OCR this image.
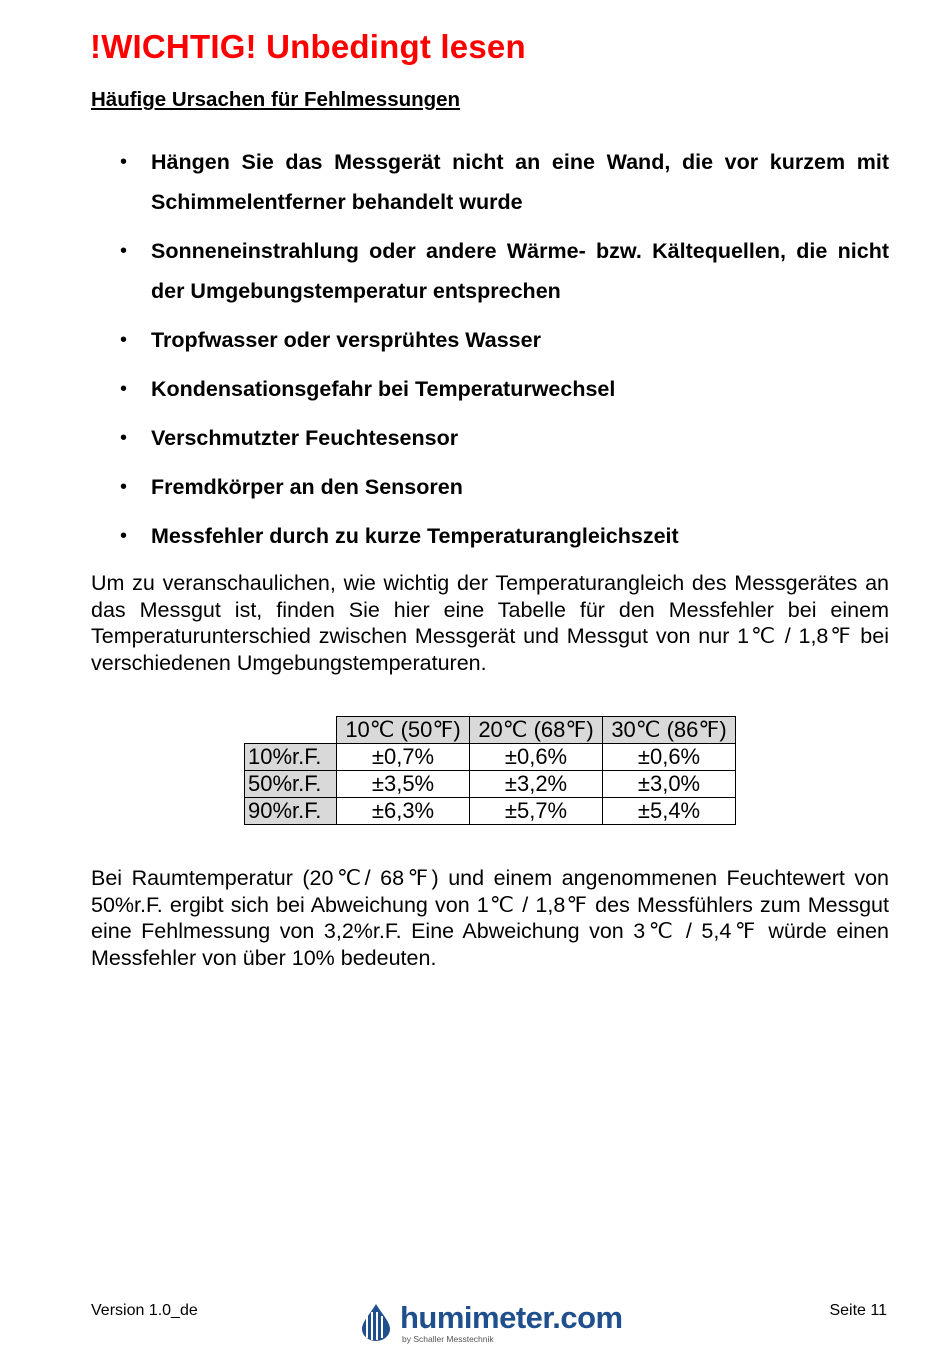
!WICHTIG! Unbedingt lesen
Häufige Ursachen für Fehlmessungen
• Hängen Sie das Messgerät nicht an eine Wand, die vor kurzem mit Schimmelentferner behandelt wurde
• Sonneneinstrahlung oder andere Wärme- bzw. Kältequellen, die nicht der Umgebungstemperatur entsprechen
• Tropfwasser oder versprühtes Wasser
• Kondensationsgefahr bei Temperaturwechsel
• Verschmutzter Feuchtesensor
• Fremdkörper an den Sensoren
• Messfehler durch zu kurze Temperaturangleichszeit

Um zu veranschaulichen, wie wichtig der Temperaturangleich des Messgerätes an das Messgut ist, finden Sie hier eine Tabelle für den Messfehler bei einem Temperaturunterschied zwischen Messgerät und Messgut von nur 1℃ / 1,8℉ bei verschiedenen Umgebungstemperaturen.

	10℃ (50℉)	20℃ (68℉)	30℃ (86℉)
10%r.F.	±0,7%	±0,6%	±0,6%
50%r.F.	±3,5%	±3,2%	±3,0%
90%r.F.	±6,3%	±5,7%	±5,4%

Bei Raumtemperatur (20℃/ 68℉) und einem angenommenen Feuchtewert von 50%r.F. ergibt sich bei Abweichung von 1℃ / 1,8℉ des Messfühlers zum Messgut eine Fehlmessung von 3,2%r.F. Eine Abweichung von 3℃ / 5,4℉ würde einen Messfehler von über 10% bedeuten.

Version 1.0_de	humimeter.com
by Schaller Messtechnik
Seite 11
